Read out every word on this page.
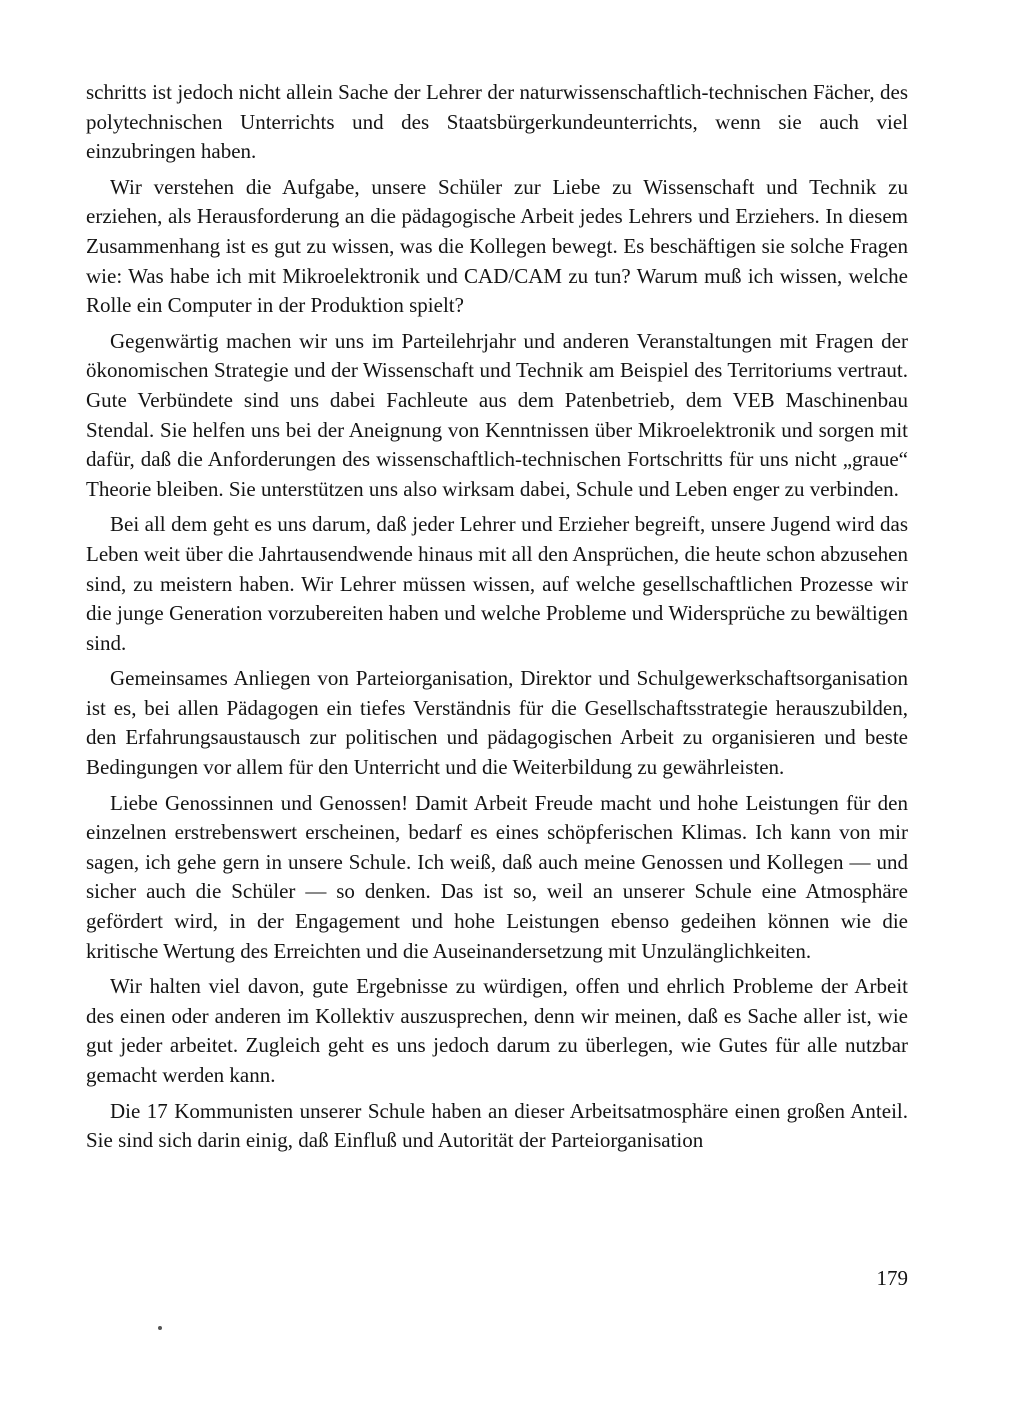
schritts ist jedoch nicht allein Sache der Lehrer der naturwissenschaftlich-technischen Fächer, des polytechnischen Unterrichts und des Staatsbürgerkundeunterrichts, wenn sie auch viel einzubringen haben.

Wir verstehen die Aufgabe, unsere Schüler zur Liebe zu Wissenschaft und Technik zu erziehen, als Herausforderung an die pädagogische Arbeit jedes Lehrers und Erziehers. In diesem Zusammenhang ist es gut zu wissen, was die Kollegen bewegt. Es beschäftigen sie solche Fragen wie: Was habe ich mit Mikroelektronik und CAD/CAM zu tun? Warum muß ich wissen, welche Rolle ein Computer in der Produktion spielt?

Gegenwärtig machen wir uns im Parteilehrjahr und anderen Veranstaltungen mit Fragen der ökonomischen Strategie und der Wissenschaft und Technik am Beispiel des Territoriums vertraut. Gute Verbündete sind uns dabei Fachleute aus dem Patenbetrieb, dem VEB Maschinenbau Stendal. Sie helfen uns bei der Aneignung von Kenntnissen über Mikroelektronik und sorgen mit dafür, daß die Anforderungen des wissenschaftlich-technischen Fortschritts für uns nicht „graue“ Theorie bleiben. Sie unterstützen uns also wirksam dabei, Schule und Leben enger zu verbinden.

Bei all dem geht es uns darum, daß jeder Lehrer und Erzieher begreift, unsere Jugend wird das Leben weit über die Jahrtausendwende hinaus mit all den Ansprüchen, die heute schon abzusehen sind, zu meistern haben. Wir Lehrer müssen wissen, auf welche gesellschaftlichen Prozesse wir die junge Generation vorzubereiten haben und welche Probleme und Widersprüche zu bewältigen sind.

Gemeinsames Anliegen von Parteiorganisation, Direktor und Schulgewerkschaftsorganisation ist es, bei allen Pädagogen ein tiefes Verständnis für die Gesellschaftsstrategie herauszubilden, den Erfahrungsaustausch zur politischen und pädagogischen Arbeit zu organisieren und beste Bedingungen vor allem für den Unterricht und die Weiterbildung zu gewährleisten.

Liebe Genossinnen und Genossen! Damit Arbeit Freude macht und hohe Leistungen für den einzelnen erstrebenswert erscheinen, bedarf es eines schöpferischen Klimas. Ich kann von mir sagen, ich gehe gern in unsere Schule. Ich weiß, daß auch meine Genossen und Kollegen — und sicher auch die Schüler — so denken. Das ist so, weil an unserer Schule eine Atmosphäre gefördert wird, in der Engagement und hohe Leistungen ebenso gedeihen können wie die kritische Wertung des Erreichten und die Auseinandersetzung mit Unzulänglichkeiten.

Wir halten viel davon, gute Ergebnisse zu würdigen, offen und ehrlich Probleme der Arbeit des einen oder anderen im Kollektiv auszusprechen, denn wir meinen, daß es Sache aller ist, wie gut jeder arbeitet. Zugleich geht es uns jedoch darum zu überlegen, wie Gutes für alle nutzbar gemacht werden kann.

Die 17 Kommunisten unserer Schule haben an dieser Arbeitsatmosphäre einen großen Anteil. Sie sind sich darin einig, daß Einfluß und Autorität der Parteiorganisation

179
